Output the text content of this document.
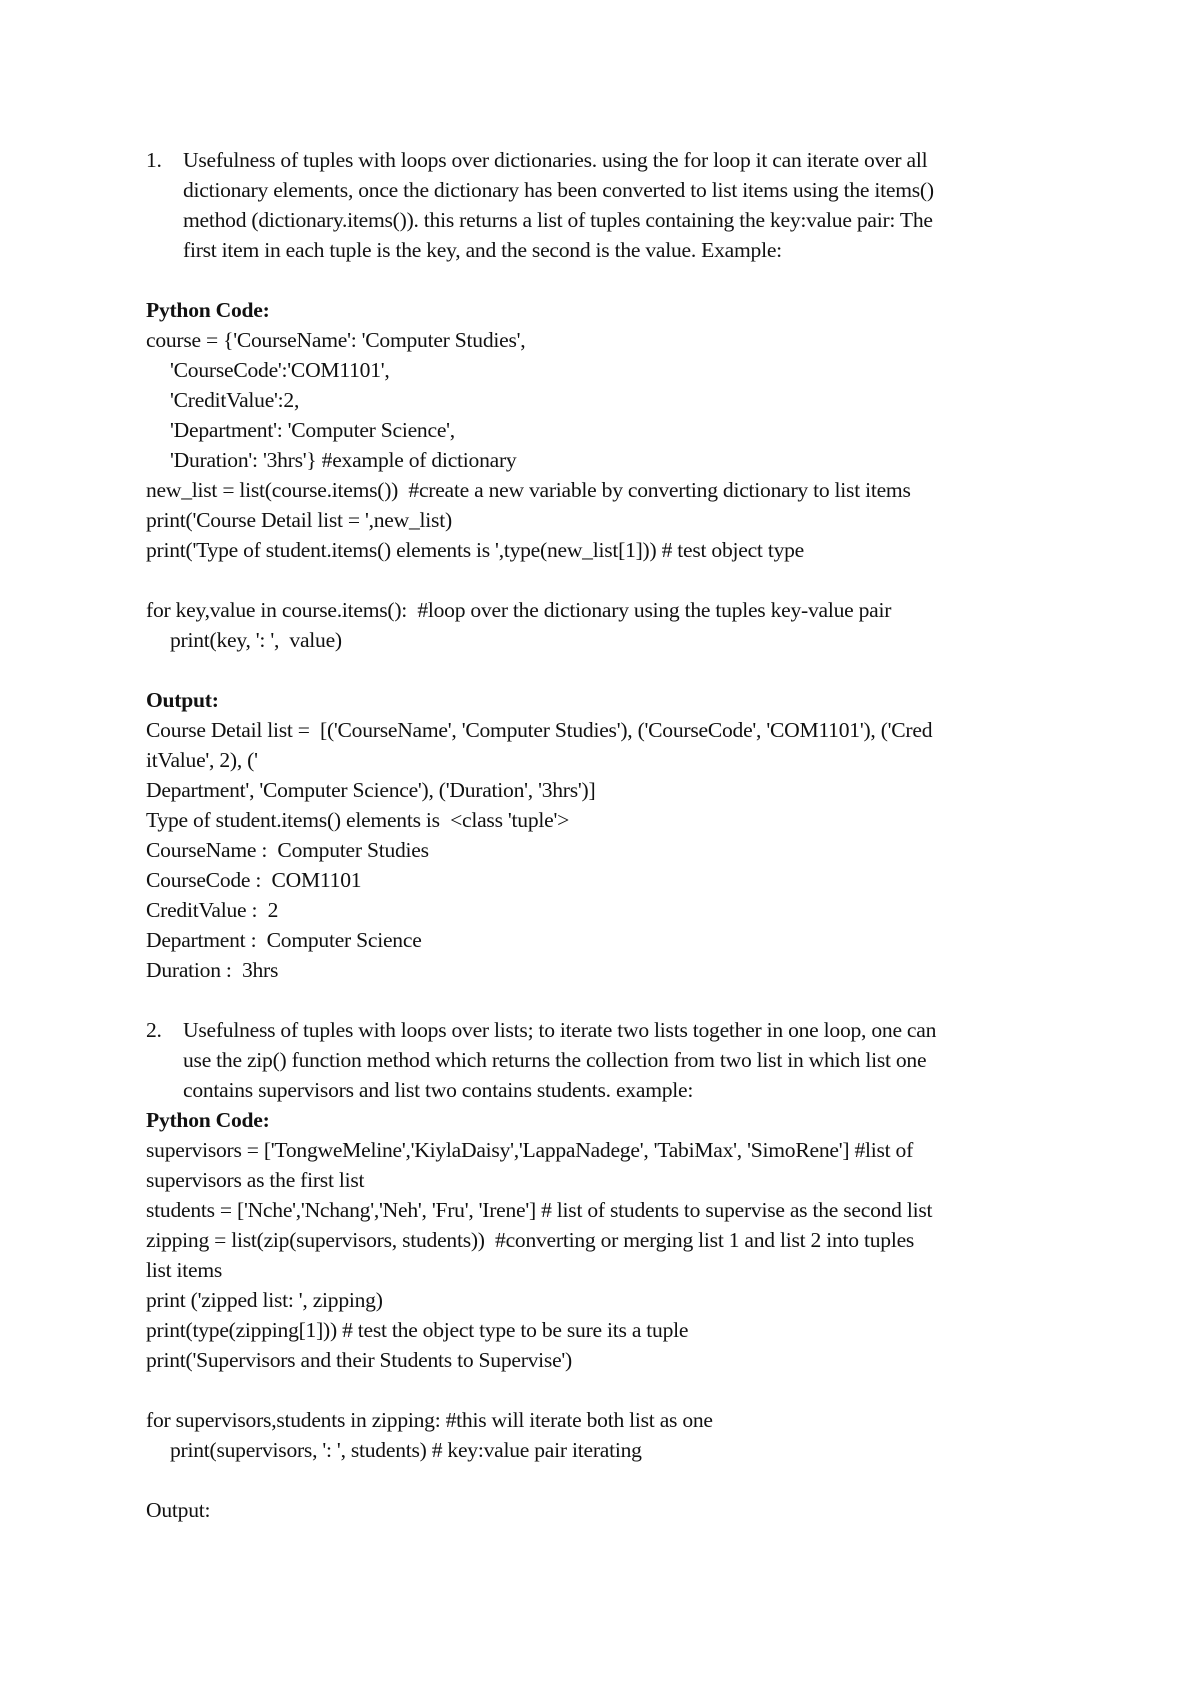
1. Usefulness of tuples with loops over dictionaries. using the for loop it can iterate over all
dictionary elements, once the dictionary has been converted to list items using the items()
method (dictionary.items()). this returns a list of tuples containing the key:value pair: The
first item in each tuple is the key, and the second is the value. Example:
Python Code:
course = {'CourseName': 'Computer Studies',
'CourseCode':'COM1101',
'CreditValue':2,
'Department': 'Computer Science',
'Duration': '3hrs'} #example of dictionary
new_list = list(course.items())  #create a new variable by converting dictionary to list items
print('Course Detail list = ',new_list)
print('Type of student.items() elements is ',type(new_list[1])) # test object type
for key,value in course.items():  #loop over the dictionary using the tuples key-value pair
print(key, ': ',  value)
Output:
Course Detail list =  [('CourseName', 'Computer Studies'), ('CourseCode', 'COM1101'), ('Cred
itValue', 2), ('
Department', 'Computer Science'), ('Duration', '3hrs')]
Type of student.items() elements is  <class 'tuple'>
CourseName :  Computer Studies
CourseCode :  COM1101
CreditValue :  2
Department :  Computer Science
Duration :  3hrs
2. Usefulness of tuples with loops over lists; to iterate two lists together in one loop, one can
use the zip() function method which returns the collection from two list in which list one
contains supervisors and list two contains students. example:
Python Code:
supervisors = ['TongweMeline','KiylaDaisy','LappaNadege', 'TabiMax', 'SimoRene'] #list of
supervisors as the first list
students = ['Nche','Nchang','Neh', 'Fru', 'Irene'] # list of students to supervise as the second list
zipping = list(zip(supervisors, students))  #converting or merging list 1 and list 2 into tuples
list items
print ('zipped list: ', zipping)
print(type(zipping[1])) # test the object type to be sure its a tuple
print('Supervisors and their Students to Supervise')
for supervisors,students in zipping: #this will iterate both list as one
print(supervisors, ': ', students) # key:value pair iterating
Output:
